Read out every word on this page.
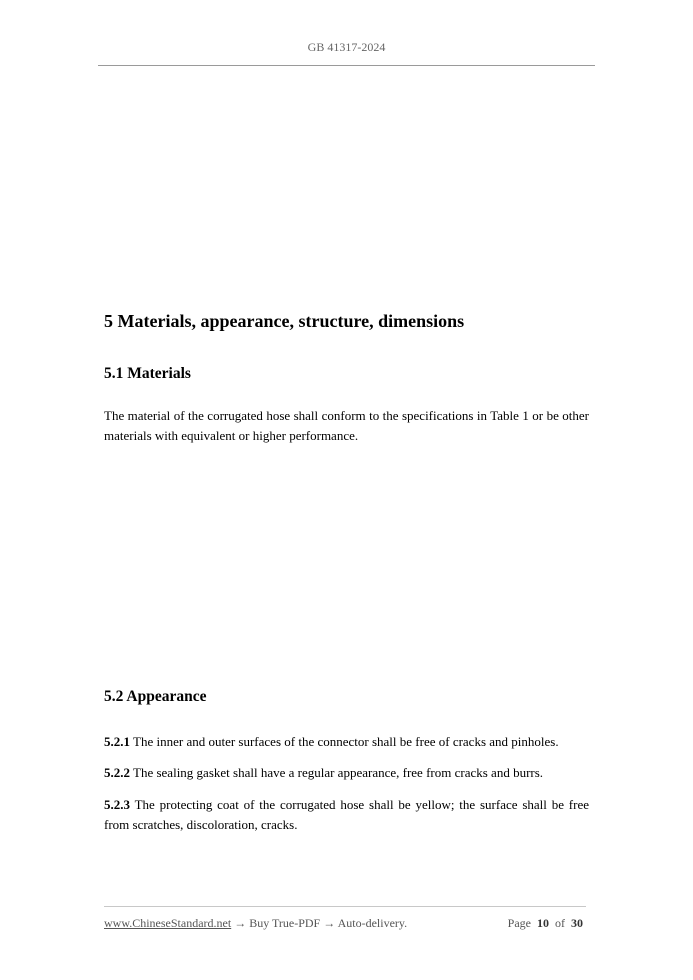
GB 41317-2024
5 Materials, appearance, structure, dimensions
5.1 Materials
The material of the corrugated hose shall conform to the specifications in Table 1 or be other materials with equivalent or higher performance.
5.2 Appearance
5.2.1 The inner and outer surfaces of the connector shall be free of cracks and pinholes.
5.2.2 The sealing gasket shall have a regular appearance, free from cracks and burrs.
5.2.3 The protecting coat of the corrugated hose shall be yellow; the surface shall be free from scratches, discoloration, cracks.
www.ChineseStandard.net → Buy True-PDF → Auto-delivery.	Page 10 of 30
